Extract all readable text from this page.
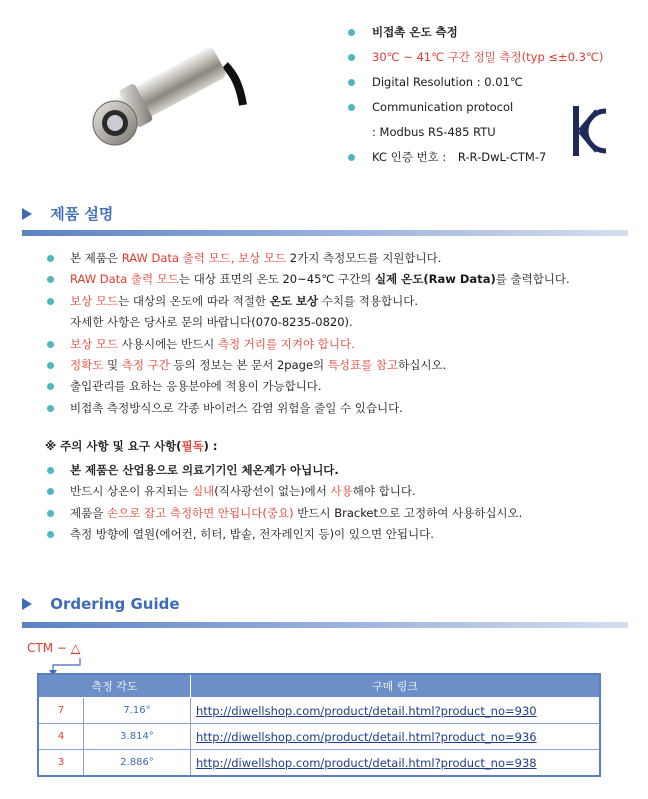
비접촉 온도 측정
30℃ ~ 41℃ 구간 정밀 측정(typ ≤±0.3℃)
Digital Resolution : 0.01℃
Communication protocol
: Modbus RS-485 RTU
KC 인증 번호 : R-R-DwL-CTM-7
제품 설명
본 제품은 RAW Data 출력 모드, 보상 모드 2가지 측정모드를 지원합니다.
RAW Data 출력 모드는 대상 표면의 온도 20~45℃ 구간의 실제 온도(Raw Data)를 출력합니다.
보상 모드는 대상의 온도에 따라 적절한 온도 보상 수치를 적용합니다.
자세한 사항은 당사로 문의 바랍니다(070-8235-0820).
보상 모드 사용시에는 반드시 측정 거리를 지켜야 합니다.
정확도 및 측정 구간 등의 정보는 본 문서 2page의 특성표를 참고하십시오.
출입관리를 요하는 응용분야에 적용이 가능합니다.
비접촉 측정방식으로 각종 바이러스 감염 위험을 줄일 수 있습니다.
※ 주의 사항 및 요구 사항(필독) :
본 제품은 산업용으로 의료기기인 체온계가 아닙니다.
반드시 상온이 유지되는 실내(직사광선이 없는)에서 사용해야 합니다.
제품을 손으로 잡고 측정하면 안됩니다(중요) 반드시 Bracket으로 고정하여 사용하십시오.
측정 방향에 열원(에어컨, 히터, 밥솥, 전자레인지 등)이 있으면 안됩니다.
Ordering Guide
CTM − △
측정 각도		구매 링크
7	7.16°	http://diwellshop.com/product/detail.html?product_no=930
4	3.814°	http://diwellshop.com/product/detail.html?product_no=936
3	2.886°	http://diwellshop.com/product/detail.html?product_no=938
